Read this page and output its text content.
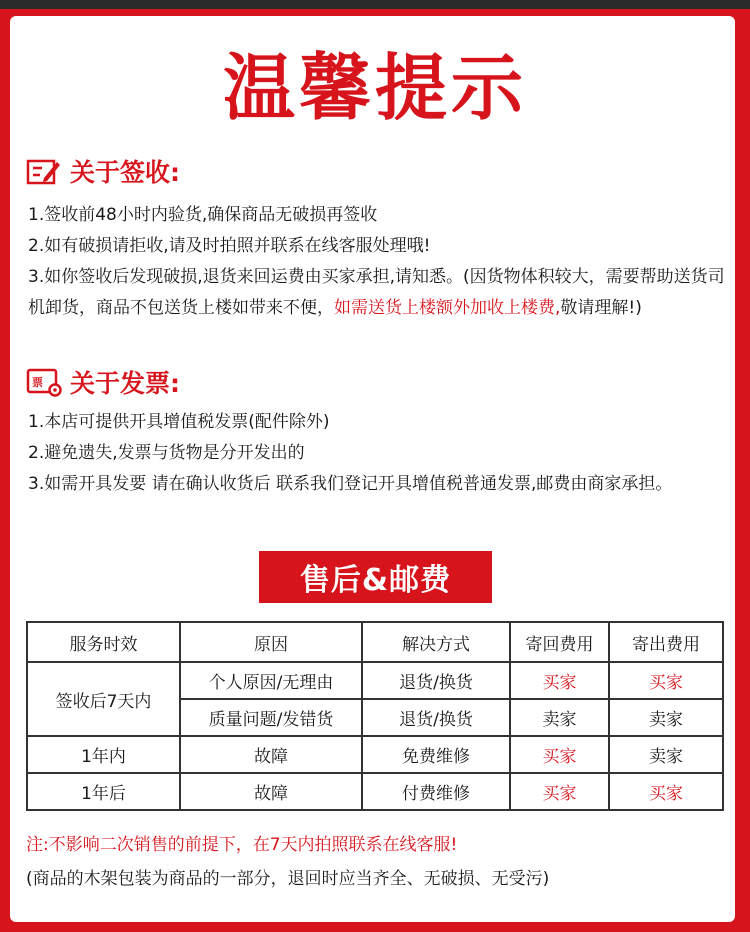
温馨提示
关于签收:

1.签收前48小时内验货,确保商品无破损再签收

2.如有破损请拒收,请及时拍照并联系在线客服处理哦!

3.如你签收后发现破损,退货来回运费由买家承担,请知悉。(因货物体积较大，需要帮助送货司机卸货，商品不包送货上楼如带来不便，如需送货上楼额外加收上楼费,敬请理解!)

票 关于发票:

1.本店可提供开具增值税发票(配件除外)

2.避免遗失,发票与货物是分开发出的

3.如需开具发要 请在确认收货后 联系我们登记开具增值税普通发票,邮费由商家承担。

售后&邮费
服务时效	原因	解决方式	寄回费用	寄出费用
签收后7天内	个人原因/无理由	退货/换货	买家	买家
	质量问题/发错货	退货/换货	卖家	卖家
1年内	故障	免费维修	买家	卖家
1年后	故障	付费维修	买家	买家
注:不影响二次销售的前提下，在7天内拍照联系在线客服!
(商品的木架包装为商品的一部分，退回时应当齐全、无破损、无受污)
